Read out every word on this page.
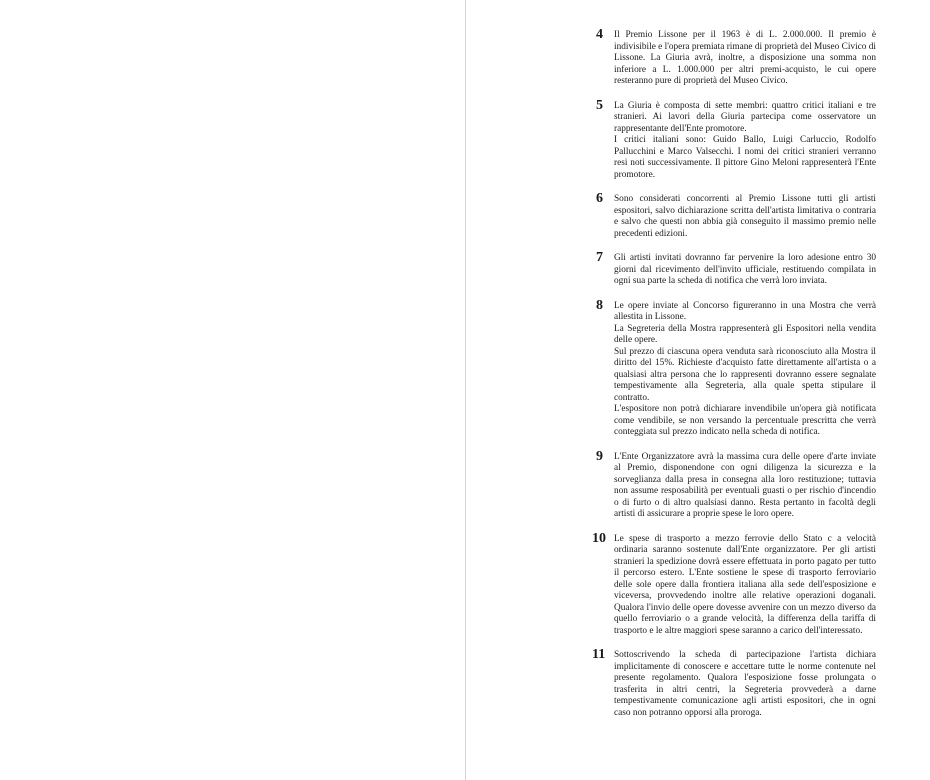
4 Il Premio Lissone per il 1963 è di L. 2.000.000. Il premio è indivisibile e l'opera premiata rimane di proprietà del Museo Civico di Lissone. La Giuria avrà, inoltre, a disposizione una somma non inferiore a L. 1.000.000 per altri premi-acquisto, le cui opere resteranno pure di proprietà del Museo Civico.

5 La Giuria è composta di sette membri: quattro critici italiani e tre stranieri. Ai lavori della Giuria partecipa come osservatore un rappresentante dell'Ente promotore.

I critici italiani sono: Guido Ballo, Luigi Carluccio, Rodolfo Pallucchini e Marco Valsecchi. I nomi dei critici stranieri verranno resi noti successivamente. Il pittore Gino Meloni rappresenterà l'Ente promotore.

6 Sono considerati concorrenti al Premio Lissone tutti gli artisti espositori, salvo dichiarazione scritta dell'artista limitativa o contraria e salvo che questi non abbia già conseguito il massimo premio nelle precedenti edizioni.

7 Gli artisti invitati dovranno far pervenire la loro adesione entro 30 giorni dal ricevimento dell'invito ufficiale, restituendo compilata in ogni sua parte la scheda di notifica che verrà loro inviata.

8 Le opere inviate al Concorso figureranno in una Mostra che verrà allestita in Lissone.

La Segreteria della Mostra rappresenterà gli Espositori nella vendita delle opere.

Sul prezzo di ciascuna opera venduta sarà riconosciuto alla Mostra il diritto del 15%. Richieste d'acquisto fatte direttamente all'artista o a qualsiasi altra persona che lo rappresenti dovranno essere segnalate tempestivamente alla Segreteria, alla quale spetta stipulare il contratto.

L'espositore non potrà dichiarare invendibile un'opera già notificata come vendibile, se non versando la percentuale prescritta che verrà conteggiata sul prezzo indicato nella scheda di notifica.

9 L'Ente Organizzatore avrà la massima cura delle opere d'arte inviate al Premio, disponendone con ogni diligenza la sicurezza e la sorveglianza dalla presa in consegna alla loro restituzione; tuttavia non assume resposabilità per eventuali guasti o per rischio d'incendio o di furto o di altro qualsiasi danno. Resta pertanto in facoltà degli artisti di assicurare a proprie spese le loro opere.

10 Le spese di trasporto a mezzo ferrovie dello Stato c a velocità ordinaria saranno sostenute dall'Ente organizzatore. Per gli artisti stranieri la spedizione dovrà essere effettuata in porto pagato per tutto il percorso estero. L'Ente sostiene le spese di trasporto ferroviario delle sole opere dalla frontiera italiana alla sede dell'esposizione e viceversa, provvedendo inoltre alle relative operazioni doganali. Qualora l'invio delle opere dovesse avvenire con un mezzo diverso da quello ferroviario o a grande velocità, la differenza della tariffa di trasporto e le altre maggiori spese saranno a carico dell'interessato.

11 Sottoscrivendo la scheda di partecipazione l'artista dichiara implicitamente di conoscere e accettare tutte le norme contenute nel presente regolamento. Qualora l'esposizione fosse prolungata o trasferita in altri centri, la Segreteria provvederà a darne tempestivamente comunicazione agli artisti espositori, che in ogni caso non potranno opporsi alla proroga.
